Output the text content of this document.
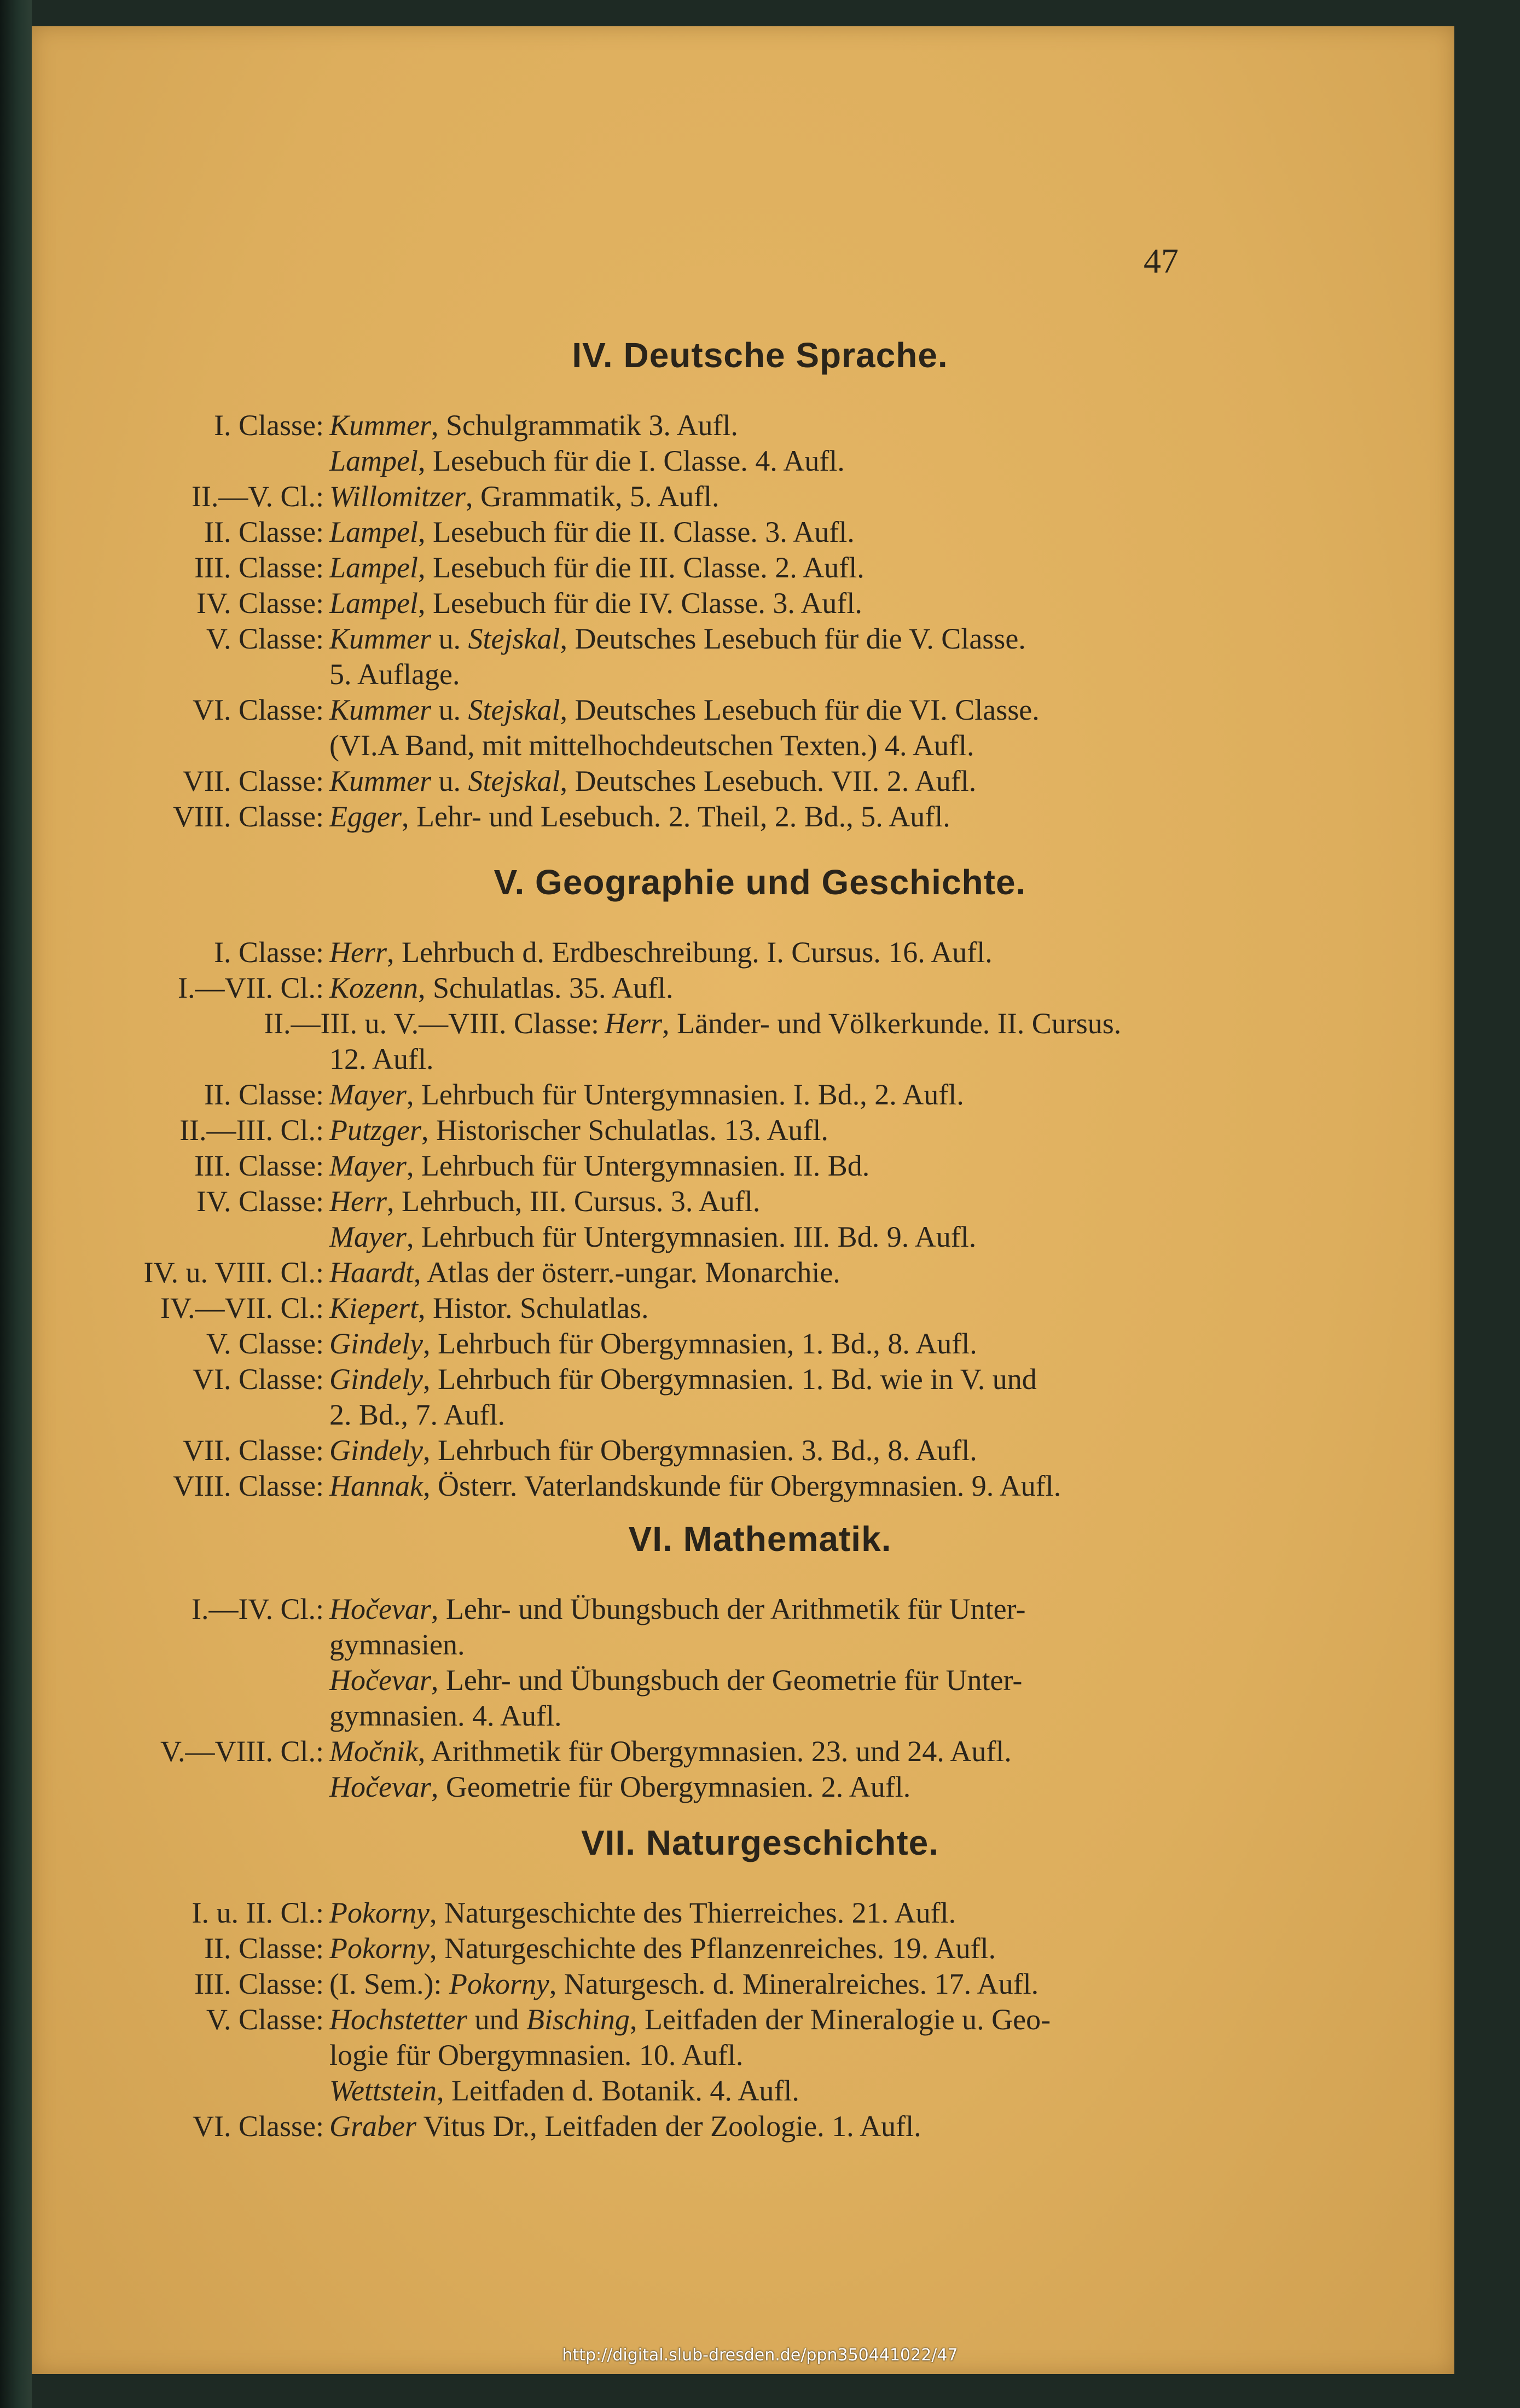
47
IV. Deutsche Sprache.
I. Classe: Kummer, Schulgrammatik 3. Aufl.
Lampel, Lesebuch für die I. Classe. 4. Aufl.
II.—V. Cl.: Willomitzer, Grammatik, 5. Aufl.
II. Classe: Lampel, Lesebuch für die II. Classe. 3. Aufl.
III. Classe: Lampel, Lesebuch für die III. Classe. 2. Aufl.
IV. Classe: Lampel, Lesebuch für die IV. Classe. 3. Aufl.
V. Classe: Kummer u. Stejskal, Deutsches Lesebuch für die V. Classe.
5. Auflage.
VI. Classe: Kummer u. Stejskal, Deutsches Lesebuch für die VI. Classe.
(VI.A Band, mit mittelhochdeutschen Texten.) 4. Aufl.
VII. Classe: Kummer u. Stejskal, Deutsches Lesebuch. VII. 2. Aufl.
VIII. Classe: Egger, Lehr- und Lesebuch. 2. Theil, 2. Bd., 5. Aufl.
V. Geographie und Geschichte.
I. Classe: Herr, Lehrbuch d. Erdbeschreibung. I. Cursus. 16. Aufl.
I.—VII. Cl.: Kozenn, Schulatlas. 35. Aufl.
II.—III. u. V.—VIII. Classe: Herr, Länder- und Völkerkunde. II. Cursus.
12. Aufl.
II. Classe: Mayer, Lehrbuch für Untergymnasien. I. Bd., 2. Aufl.
II.—III. Cl.: Putzger, Historischer Schulatlas. 13. Aufl.
III. Classe: Mayer, Lehrbuch für Untergymnasien. II. Bd.
IV. Classe: Herr, Lehrbuch, III. Cursus. 3. Aufl.
Mayer, Lehrbuch für Untergymnasien. III. Bd. 9. Aufl.
IV. u. VIII. Cl.: Haardt, Atlas der österr.-ungar. Monarchie.
IV.—VII. Cl.: Kiepert, Histor. Schulatlas.
V. Classe: Gindely, Lehrbuch für Obergymnasien, 1. Bd., 8. Aufl.
VI. Classe: Gindely, Lehrbuch für Obergymnasien. 1. Bd. wie in V. und
2. Bd., 7. Aufl.
VII. Classe: Gindely, Lehrbuch für Obergymnasien. 3. Bd., 8. Aufl.
VIII. Classe: Hannak, Österr. Vaterlandskunde für Obergymnasien. 9. Aufl.
VI. Mathematik.
I.—IV. Cl.: Hočevar, Lehr- und Übungsbuch der Arithmetik für Unter-
gymnasien.
Hočevar, Lehr- und Übungsbuch der Geometrie für Unter-
gymnasien. 4. Aufl.
V.—VIII. Cl.: Močnik, Arithmetik für Obergymnasien. 23. und 24. Aufl.
Hočevar, Geometrie für Obergymnasien. 2. Aufl.
VII. Naturgeschichte.
I. u. II. Cl.: Pokorny, Naturgeschichte des Thierreiches. 21. Aufl.
II. Classe: Pokorny, Naturgeschichte des Pflanzenreiches. 19. Aufl.
III. Classe: (I. Sem.): Pokorny, Naturgesch. d. Mineralreiches. 17. Aufl.
V. Classe: Hochstetter und Bisching, Leitfaden der Mineralogie u. Geo-
logie für Obergymnasien. 10. Aufl.
Wettstein, Leitfaden d. Botanik. 4. Aufl.
VI. Classe: Graber Vitus Dr., Leitfaden der Zoologie. 1. Aufl.
http://digital.slub-dresden.de/ppn350441022/47
